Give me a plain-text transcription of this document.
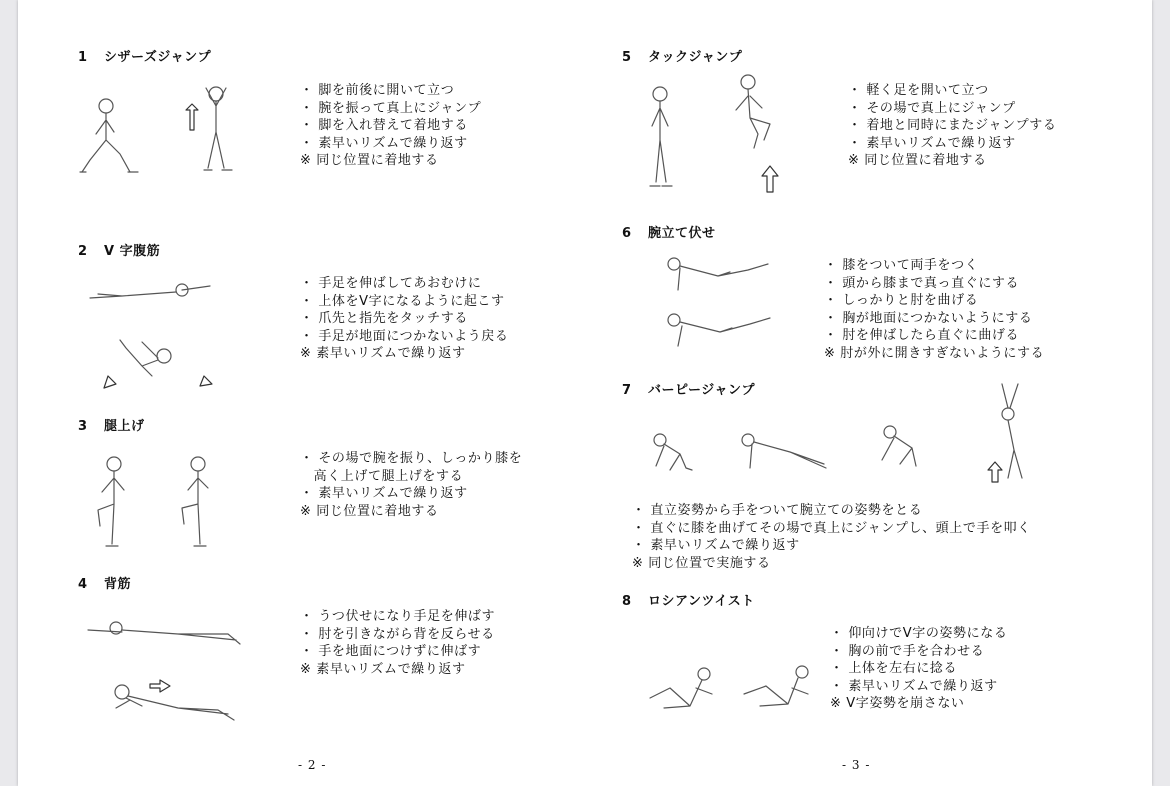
1 シザーズジャンプ
・ 脚を前後に開いて立つ
・ 腕を振って真上にジャンプ
・ 脚を入れ替えて着地する
・ 素早いリズムで繰り返す
※ 同じ位置に着地する
2 V 字腹筋
・ 手足を伸ばしてあおむけに
・ 上体をV字になるように起こす
・ 爪先と指先をタッチする
・ 手足が地面につかないよう戻る
※ 素早いリズムで繰り返す
3 腿上げ
・ その場で腕を振り、しっかり膝を
　高く上げて腿上げをする
・ 素早いリズムで繰り返す
※ 同じ位置に着地する
4 背筋
・ うつ伏せになり手足を伸ばす
・ 肘を引きながら背を反らせる
・ 手を地面につけずに伸ばす
※ 素早いリズムで繰り返す
- 2 -
5 タックジャンプ
・ 軽く足を開いて立つ
・ その場で真上にジャンプ
・ 着地と同時にまたジャンプする
・ 素早いリズムで繰り返す
※ 同じ位置に着地する
6 腕立て伏せ
・ 膝をついて両手をつく
・ 頭から膝まで真っ直ぐにする
・ しっかりと肘を曲げる
・ 胸が地面につかないようにする
・ 肘を伸ばしたら直ぐに曲げる
※ 肘が外に開きすぎないようにする
7 バーピージャンプ
・ 直立姿勢から手をついて腕立ての姿勢をとる
・ 直ぐに膝を曲げてその場で真上にジャンプし、頭上で手を叩く
・ 素早いリズムで繰り返す
※ 同じ位置で実施する
8 ロシアンツイスト
・ 仰向けでV字の姿勢になる
・ 胸の前で手を合わせる
・ 上体を左右に捻る
・ 素早いリズムで繰り返す
※ V字姿勢を崩さない
- 3 -
